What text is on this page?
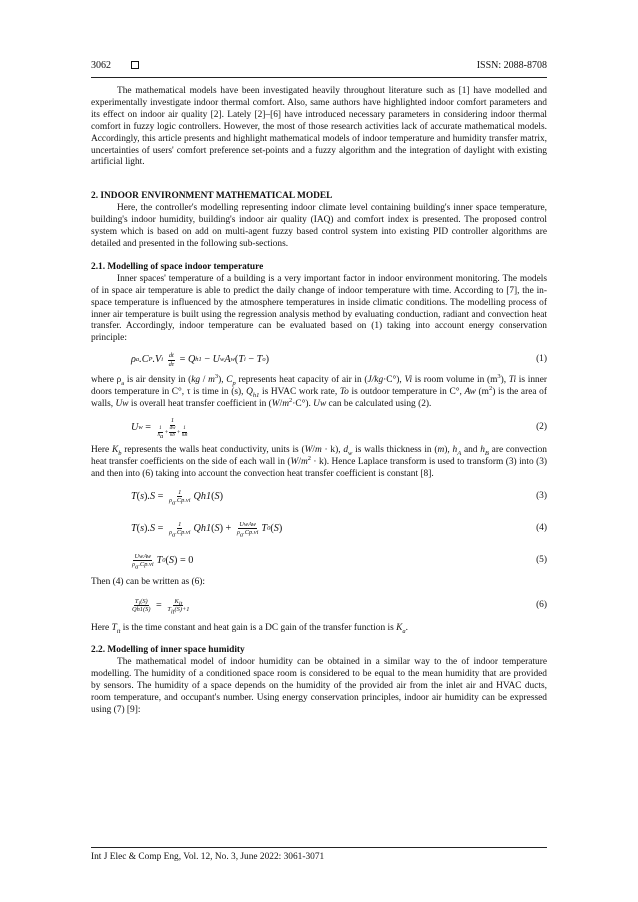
3062	ISSN: 2088-8708

The mathematical models have been investigated heavily throughout literature such as [1] have modelled and experimentally investigate indoor thermal comfort. Also, same authors have highlighted indoor comfort parameters and its effect on indoor air quality [2]. Lately [2]–[6] have introduced necessary parameters in considering indoor thermal comfort in fuzzy logic controllers. However, the most of those research activities lack of accurate mathematical models. Accordingly, this article presents and highlight mathematical models of indoor temperature and humidity transfer matrix, uncertainties of users' comfort preference set-points and a fuzzy algorithm and the integration of daylight with existing artificial light.

2. INDOOR ENVIRONMENT MATHEMATICAL MODEL

Here, the controller's modelling representing indoor climate level containing building's inner space temperature, building's indoor humidity, building's indoor air quality (IAQ) and comfort index is presented. The proposed control system which is based on add on multi-agent fuzzy based control system into existing PID controller algorithms are detailed and presented in the following sub-sections.

2.1. Modelling of space indoor temperature

Inner spaces' temperature of a building is a very important factor in indoor environment monitoring. The models of in space air temperature is able to predict the daily change of indoor temperature with time. According to [7], the in-space temperature is influenced by the atmosphere temperatures in inside climatic conditions. The modelling process of inner air temperature is built using the regression analysis method by evaluating conduction, radiant and convection heat transfer. Accordingly, indoor temperature can be evaluated based on (1) taking into account energy conservation principle:

ρ a .C P .V i
$\frac{dt}{d\tau}$
= Q h1
− U w A w ( T i
− T o )	(1)

where $\rho_a$ is air density in $(kg / m^3)$, $C_p$ represents heat capacity of air in (J/kg·C°), Vi is room volume in $(m^3)$, Ti is inner doors temperature in C°, τ is time in (s), $Q_{h1}$ is HVAC work rate, To is outdoor temperature in C°, Aw $(m^2)$ is the area of walls, Uw is overall heat transfer coefficient in $(W/m^2\cdot C^\circ)$. Uw can be calculated using (2).

U w
=
$\frac{1}{\frac{1}{h_a} + \frac{dw}{kb} + \frac{1}{hB}}$	(2)

Here $K_b$ represents the walls heat conductivity, units is (W/m · k), $d_w$ is walls thickness in (m), $h_A$ and $h_B$ are convection heat transfer coefficients on the side of each wall in $(W/m^2 \cdot k)$. Hence Laplace transform is used to transform (3) into (3) and then into (6) taking into account the convection heat transfer coefficient is constant [8].

T ( s ) .S =
$\frac{1}{\rho_a.Cp.vi} Qh1$ ( S )	(3)
T ( s ) .S =
$\frac{1}{\rho_a.Cp.vi} Qh1$ ( S )
+
$\frac{\text{UwAw}}{\rho_a.Cp.vi}$ T 0 ( S )	(4)
$\frac{\text{UwAw}}{\rho_a.Cp.vi}$ T 0 ( S )
= 0	(5)

Then (4) can be written as (6):

$\frac{T_i(S)}{Qh1(S)}$
=
$\frac{K_{it}}{T_{it}(S)+1}$	(6)

Here $T_{it}$ is the time constant and heat gain is a DC gain of the transfer function is $K_a$.

2.2. Modelling of inner space humidity

The mathematical model of indoor humidity can be obtained in a similar way to the of indoor temperature modelling. The humidity of a conditioned space room is considered to be equal to the mean humidity that are provided by sensors. The humidity of a space depends on the humidity of the provided air from the inlet air and HVAC ducts, room temperature, and occupant's number. Using energy conservation principles, indoor air humidity can be expressed using (7) [9]:

Int J Elec & Comp Eng, Vol. 12, No. 3, June 2022: 3061-3071
